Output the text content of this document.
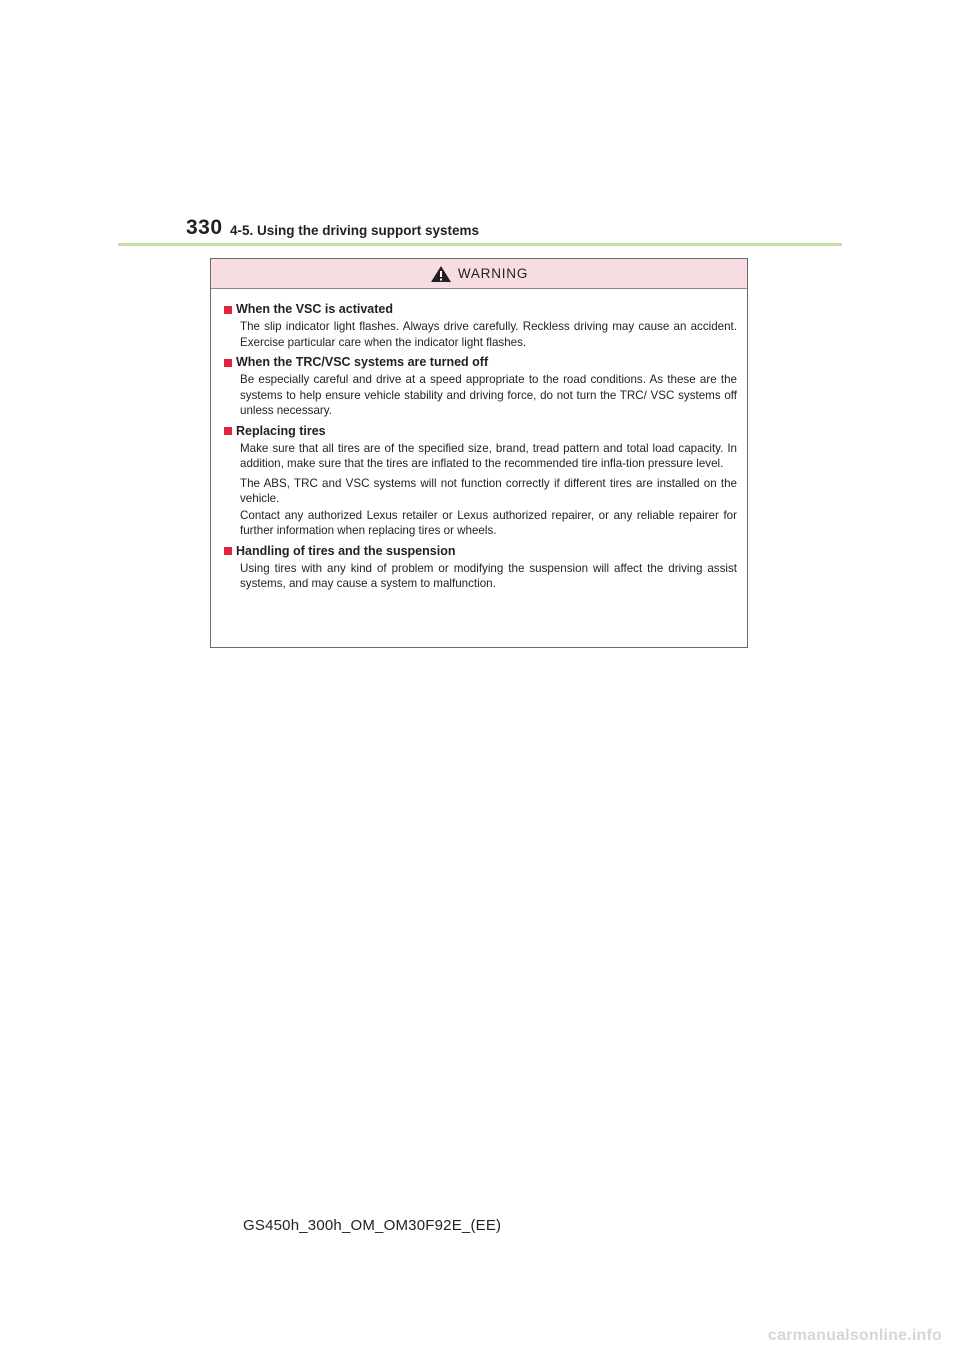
330 4-5. Using the driving support systems
WARNING
When the VSC is activated

The slip indicator light flashes. Always drive carefully. Reckless driving may cause an accident. Exercise particular care when the indicator light flashes.

When the TRC/VSC systems are turned off

Be especially careful and drive at a speed appropriate to the road conditions. As these are the systems to help ensure vehicle stability and driving force, do not turn the TRC/ VSC systems off unless necessary.

Replacing tires

Make sure that all tires are of the specified size, brand, tread pattern and total load capacity. In addition, make sure that the tires are inflated to the recommended tire infla-tion pressure level.

The ABS, TRC and VSC systems will not function correctly if different tires are installed on the vehicle.

Contact any authorized Lexus retailer or Lexus authorized repairer, or any reliable repairer for further information when replacing tires or wheels.

Handling of tires and the suspension

Using tires with any kind of problem or modifying the suspension will affect the driving assist systems, and may cause a system to malfunction.

GS450h_300h_OM_OM30F92E_(EE)
carmanualsonline.info
